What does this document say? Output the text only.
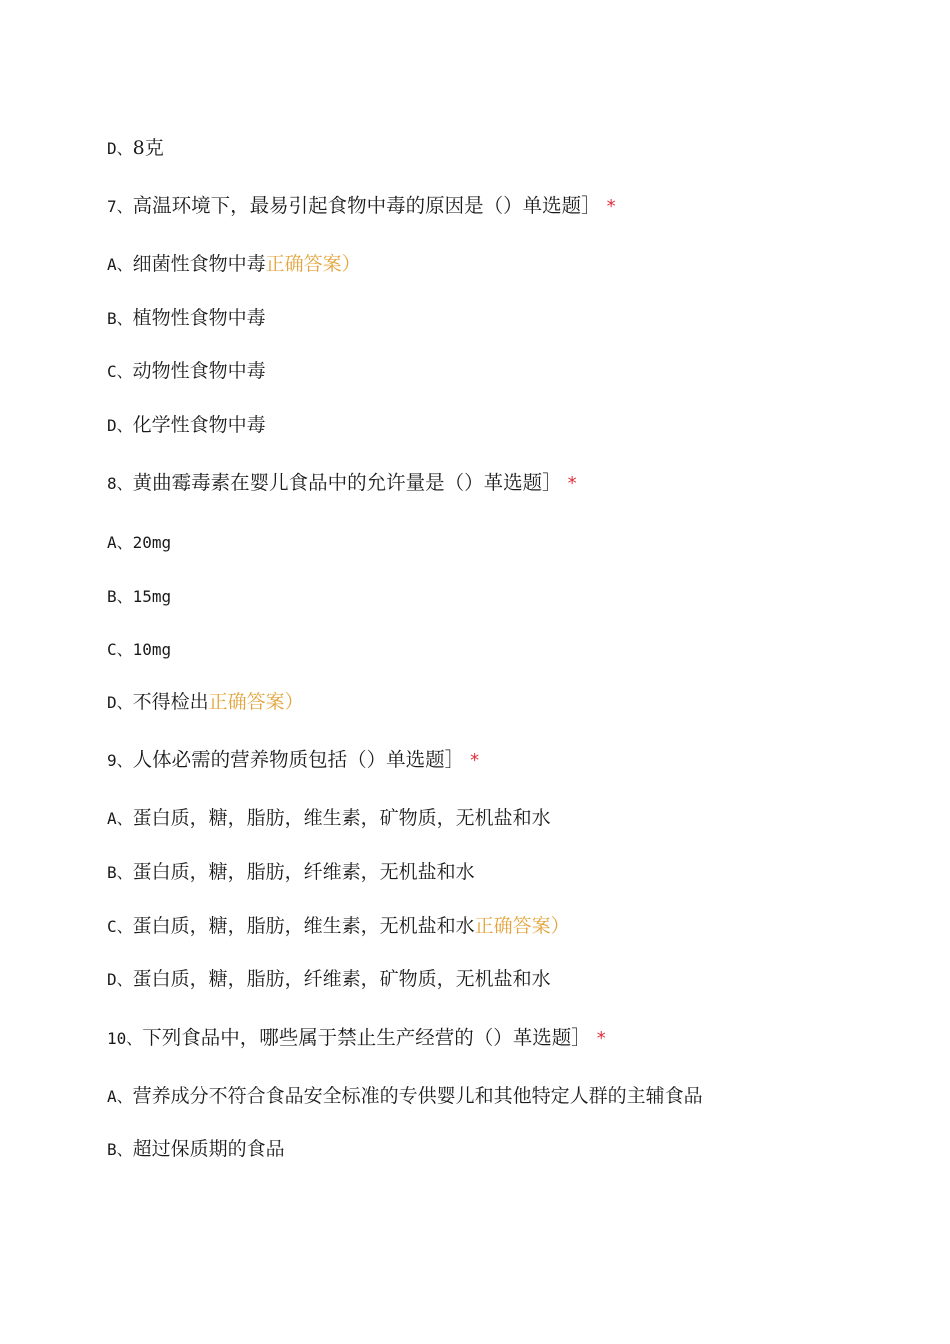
D、8克
7、高温环境下，最易引起食物中毒的原因是（）单选题］ *
A、细菌性食物中毒正确答案）
B、植物性食物中毒
C、动物性食物中毒
D、化学性食物中毒
8、黄曲霉毒素在婴儿食品中的允许量是（）革选题］ *
A、20mg
B、15mg
C、10mg
D、不得检出正确答案）
9、人体必需的营养物质包括（）单选题］ *
A、蛋白质，糖，脂肪，维生素，矿物质，无机盐和水
B、蛋白质，糖，脂肪，纤维素，无机盐和水
C、蛋白质，糖，脂肪，维生素，无机盐和水正确答案）
D、蛋白质，糖，脂肪，纤维素，矿物质，无机盐和水
10、下列食品中，哪些属于禁止生产经营的（）革选题］ *
A、营养成分不符合食品安全标准的专供婴儿和其他特定人群的主辅食品
B、超过保质期的食品
